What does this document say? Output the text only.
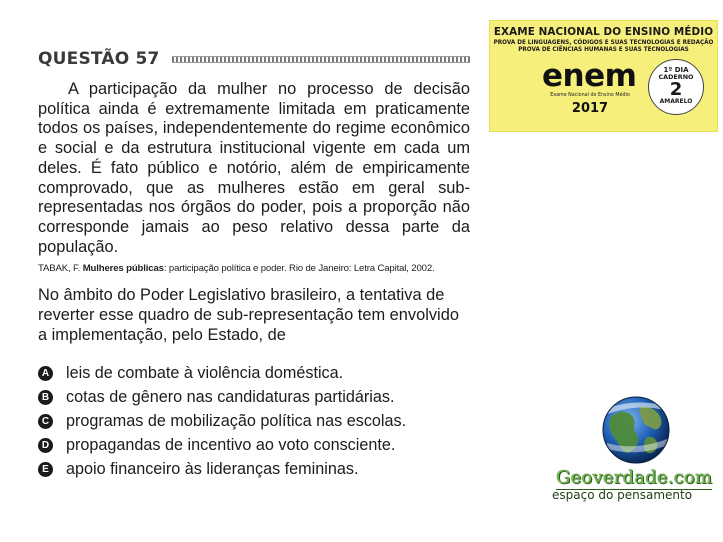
QUESTÃO 57

A participação da mulher no processo de decisão política ainda é extremamente limitada em praticamente todos os países, independentemente do regime econômico e social e da estrutura institucional vigente em cada um deles. É fato público e notório, além de empiricamente comprovado, que as mulheres estão em geral sub-representadas nos órgãos do poder, pois a proporção não corresponde jamais ao peso relativo dessa parte da população.

TABAK, F. Mulheres públicas: participação política e poder. Rio de Janeiro: Letra Capital, 2002.

No âmbito do Poder Legislativo brasileiro, a tentativa de reverter esse quadro de sub-representação tem envolvido a implementação, pelo Estado, de

A leis de combate à violência doméstica.
B cotas de gênero nas candidaturas partidárias.
C programas de mobilização política nas escolas.
D propagandas de incentivo ao voto consciente.
E apoio financeiro às lideranças femininas.
EXAME NACIONAL DO ENSINO MÉDIO
PROVA DE LINGUAGENS, CÓDIGOS E SUAS TECNOLOGIAS E REDAÇÃO
PROVA DE CIÊNCIAS HUMANAS E SUAS TECNOLOGIAS
enem
Exame Nacional do Ensino Médio
2017
1º DIA
CADERNO
2
AMARELO
Geoverdade.com
espaço do pensamento
